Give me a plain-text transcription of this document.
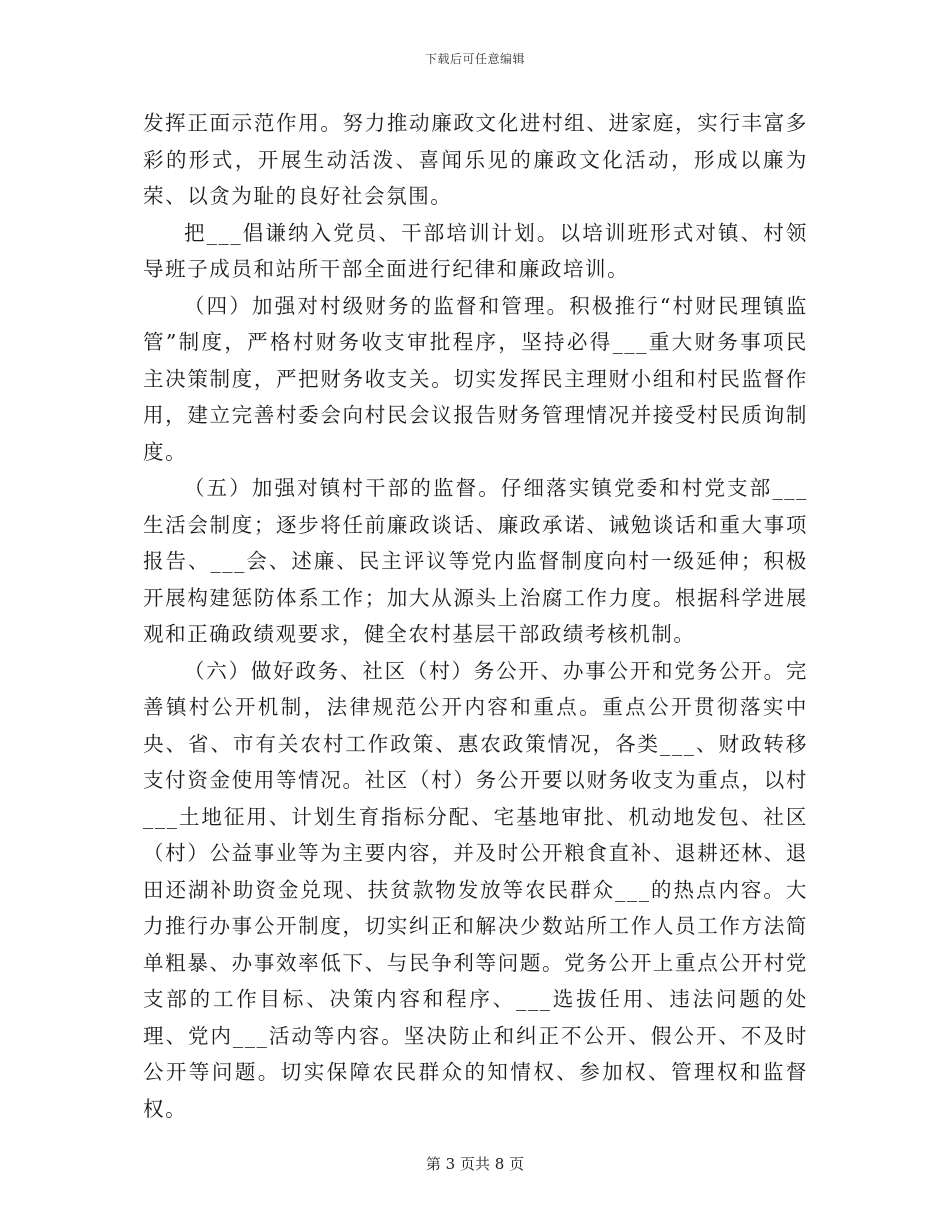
下载后可任意编辑

发挥正面示范作用。努力推动廉政文化进村组、进家庭，实行丰富多彩的形式，开展生动活泼、喜闻乐见的廉政文化活动，形成以廉为荣、以贪为耻的良好社会氛围。

把___倡谦纳入党员、干部培训计划。以培训班形式对镇、村领导班子成员和站所干部全面进行纪律和廉政培训。

（四）加强对村级财务的监督和管理。积极推行“村财民理镇监管”制度，严格村财务收支审批程序，坚持必得___重大财务事项民主决策制度，严把财务收支关。切实发挥民主理财小组和村民监督作用，建立完善村委会向村民会议报告财务管理情况并接受村民质询制度。

（五）加强对镇村干部的监督。仔细落实镇党委和村党支部___生活会制度；逐步将任前廉政谈话、廉政承诺、诫勉谈话和重大事项报告、___会、述廉、民主评议等党内监督制度向村一级延伸；积极开展构建惩防体系工作；加大从源头上治腐工作力度。根据科学进展观和正确政绩观要求，健全农村基层干部政绩考核机制。

（六）做好政务、社区（村）务公开、办事公开和党务公开。完善镇村公开机制，法律规范公开内容和重点。重点公开贯彻落实中央、省、市有关农村工作政策、惠农政策情况，各类___、财政转移支付资金使用等情况。社区（村）务公开要以财务收支为重点，以村___土地征用、计划生育指标分配、宅基地审批、机动地发包、社区（村）公益事业等为主要内容，并及时公开粮食直补、退耕还林、退田还湖补助资金兑现、扶贫款物发放等农民群众___的热点内容。大力推行办事公开制度，切实纠正和解决少数站所工作人员工作方法简单粗暴、办事效率低下、与民争利等问题。党务公开上重点公开村党支部的工作目标、决策内容和程序、___选拔任用、违法问题的处理、党内___活动等内容。坚决防止和纠正不公开、假公开、不及时公开等问题。切实保障农民群众的知情权、参加权、管理权和监督权。

第 3 页共 8 页
